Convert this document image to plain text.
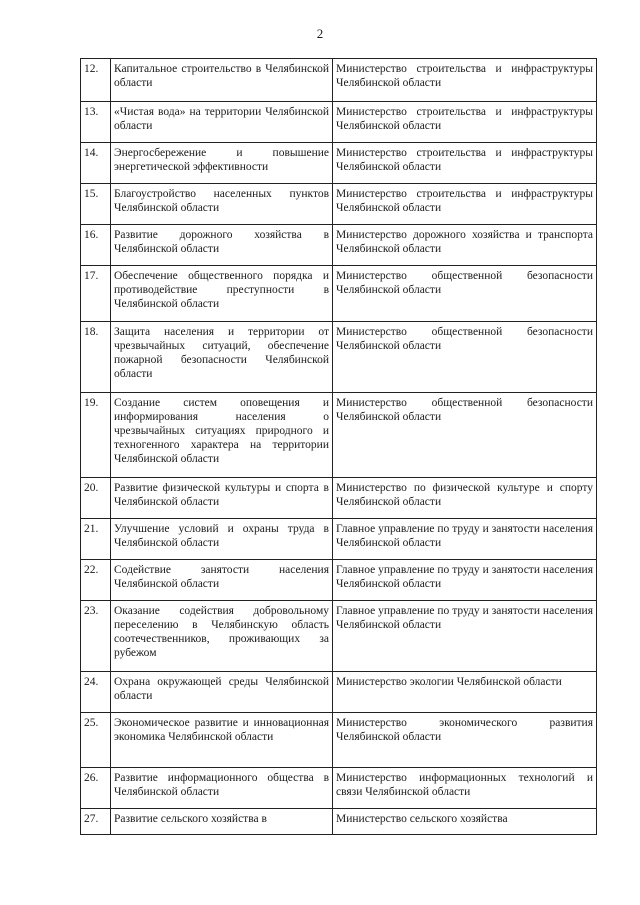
2
12.	Капитальное строительство в Челябинской области	Министерство строительства и инфраструктуры Челябинской области
13.	«Чистая вода» на территории Челябинской области	Министерство строительства и инфраструктуры Челябинской области
14.	Энергосбережение и повышение энергетической эффективности	Министерство строительства и инфраструктуры Челябинской области
15.	Благоустройство населенных пунктов Челябинской области	Министерство строительства и инфраструктуры Челябинской области
16.	Развитие дорожного хозяйства в Челябинской области	Министерство дорожного хозяйства и транспорта Челябинской области
17.	Обеспечение общественного порядка и противодействие преступности в Челябинской области	Министерство общественной безопасности Челябинской области
18.	Защита населения и территории от чрезвычайных ситуаций, обеспечение пожарной безопасности Челябинской области	Министерство общественной безопасности Челябинской области
19.	Создание систем оповещения и информирования населения о чрезвычайных ситуациях природного и техногенного характера на территории Челябинской области	Министерство общественной безопасности Челябинской области
20.	Развитие физической культуры и спорта в Челябинской области	Министерство по физической культуре и спорту Челябинской области
21.	Улучшение условий и охраны труда в Челябинской области	Главное управление по труду и занятости населения Челябинской области
22.	Содействие занятости населения Челябинской области	Главное управление по труду и занятости населения Челябинской области
23.	Оказание содействия добровольному переселению в Челябинскую область соотечественников, проживающих за рубежом	Главное управление по труду и занятости населения Челябинской области
24.	Охрана окружающей среды Челябинской области	Министерство экологии Челябинской области
25.	Экономическое развитие и инновационная экономика Челябинской области	Министерство экономического развития Челябинской области
26.	Развитие информационного общества в Челябинской области	Министерство информационных технологий и связи Челябинской области
27.	Развитие сельского хозяйства в	Министерство сельского хозяйства
